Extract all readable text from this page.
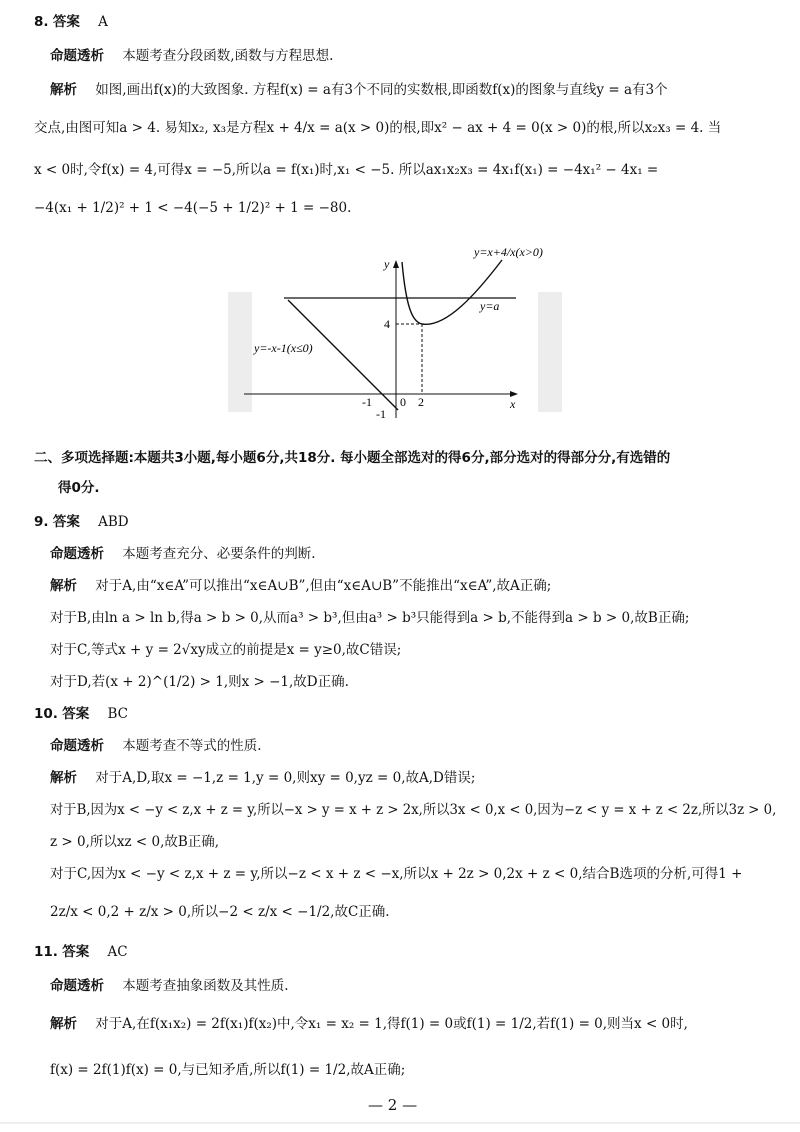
8. 答案 A
命题透析 本题考查分段函数,函数与方程思想.
解析 如图,画出f(x)的大致图象. 方程f(x) = a有3个不同的实数根,即函数f(x)的图象与直线y = a有3个
交点,由图可知a > 4. 易知x₂, x₃是方程x + 4/x = a(x > 0)的根,即x² − ax + 4 = 0(x > 0)的根,所以x₂x₃ = 4. 当
x < 0时,令f(x) = 4,可得x = −5,所以a = f(x₁)时,x₁ < −5. 所以ax₁x₂x₃ = 4x₁f(x₁) = −4x₁² − 4x₁ =
−4(x₁ + 1/2)² + 1 < −4(−5 + 1/2)² + 1 = −80.
y=x+4/x(x>0)
y=a
y=-x-1(x≤0)
y
x
4
-1 0 2
-1
二、多项选择题:本题共3小题,每小题6分,共18分. 每小题全部选对的得6分,部分选对的得部分分,有选错的
得0分.
9. 答案 ABD
命题透析 本题考查充分、必要条件的判断.
解析 对于A,由“x∈A”可以推出“x∈A∪B”,但由“x∈A∪B”不能推出“x∈A”,故A正确;
对于B,由ln a > ln b,得a > b > 0,从而a³ > b³,但由a³ > b³只能得到a > b,不能得到a > b > 0,故B正确;
对于C,等式x + y = 2√xy成立的前提是x = y≥0,故C错误;
对于D,若(x + 2)^(1/2) > 1,则x > −1,故D正确.
10. 答案 BC
命题透析 本题考查不等式的性质.
解析 对于A,D,取x = −1,z = 1,y = 0,则xy = 0,yz = 0,故A,D错误;
对于B,因为x < −y < z,x + z = y,所以−x > y = x + z > 2x,所以3x < 0,x < 0,因为−z < y = x + z < 2z,所以3z > 0,
z > 0,所以xz < 0,故B正确,
对于C,因为x < −y < z,x + z = y,所以−z < x + z < −x,所以x + 2z > 0,2x + z < 0,结合B选项的分析,可得1 +
2z/x < 0,2 + z/x > 0,所以−2 < z/x < −1/2,故C正确.
11. 答案 AC
命题透析 本题考查抽象函数及其性质.
解析 对于A,在f(x₁x₂) = 2f(x₁)f(x₂)中,令x₁ = x₂ = 1,得f(1) = 0或f(1) = 1/2,若f(1) = 0,则当x < 0时,
f(x) = 2f(1)f(x) = 0,与已知矛盾,所以f(1) = 1/2,故A正确;
— 2 —
